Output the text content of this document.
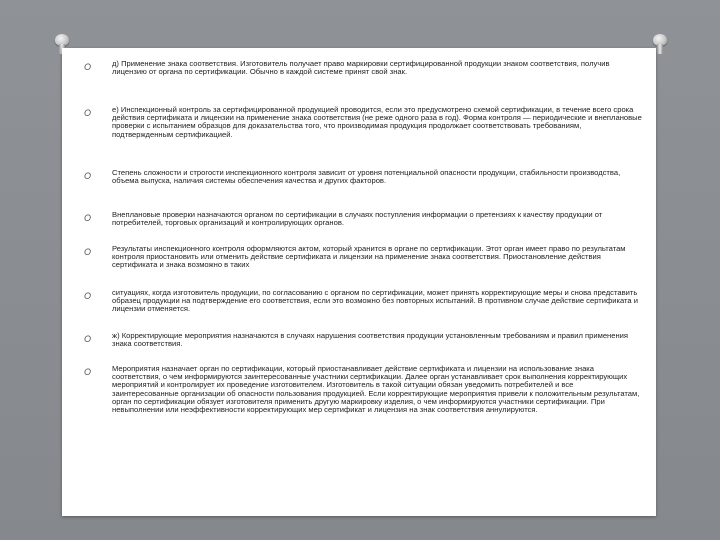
O	д) Применение знака соответствия. Изготовитель получает право маркировки сертифицированной продукции знаком соответствия, получив лицензию от органа по сертификации. Обычно в каждой системе принят свой знак.
O	е) Инспекционный контроль за сертифицированной продукцией проводится, если это предусмотрено схемой сертификации, в течение всего срока действия сертификата и лицензии на применение знака соответствия (не реже одного раза в год). Форма контроля — периодические и внеплановые проверки с испытанием образцов для доказательства того, что производимая продукция продолжает соответствовать требованиям, подтвержденным сертификацией.
O	Степень сложности и строгости инспекционного контроля зависит от уровня потенциальной опасности продукции, стабильности производства, объема выпуска, наличия системы обеспечения качества и других факторов.
O	Внеплановые проверки назначаются органом по сертификации в случаях поступления информации о претензиях к качеству продукции от потребителей, торговых организаций и контролирующих органов.
O	Результаты инспекционного контроля оформляются актом, который хранится в органе по сертификации. Этот орган имеет право по результатам контроля приостановить или отменить действие сертификата и лицензии на применение знака соответствия. Приостановление действия сертификата и знака возможно в таких
O	ситуациях, когда изготовитель продукции, по согласованию с органом по сертификации, может принять корректирующие меры и снова представить образец продукции на подтверждение его соответствия, если это возможно без повторных испытаний. В противном случае действие сертификата и лицензии отменяется.
O	ж) Корректирующие мероприятия назначаются в случаях нарушения соответствия продукции установленным требованиям и правил применения знака соответствия.
O	Мероприятия назначает орган по сертификации, который приостанавливает действие сертификата и лицензии на использование знака соответствия, о чем информируются заинтересованные участники сертификации. Далее орган устанавливает срок выполнения корректирующих мероприятий и контролирует их проведение изготовителем. Изготовитель в такой ситуации обязан уведомить потребителей и все заинтересованные организации об опасности пользования продукцией. Если корректирующие мероприятия привели к положительным результатам, орган по сертификации обязует изготовителя применить другую маркировку изделия, о чем информируются участники сертификации. При невыполнении или неэффективности корректирующих мер сертификат и лицензия на знак соответствия аннулируются.
